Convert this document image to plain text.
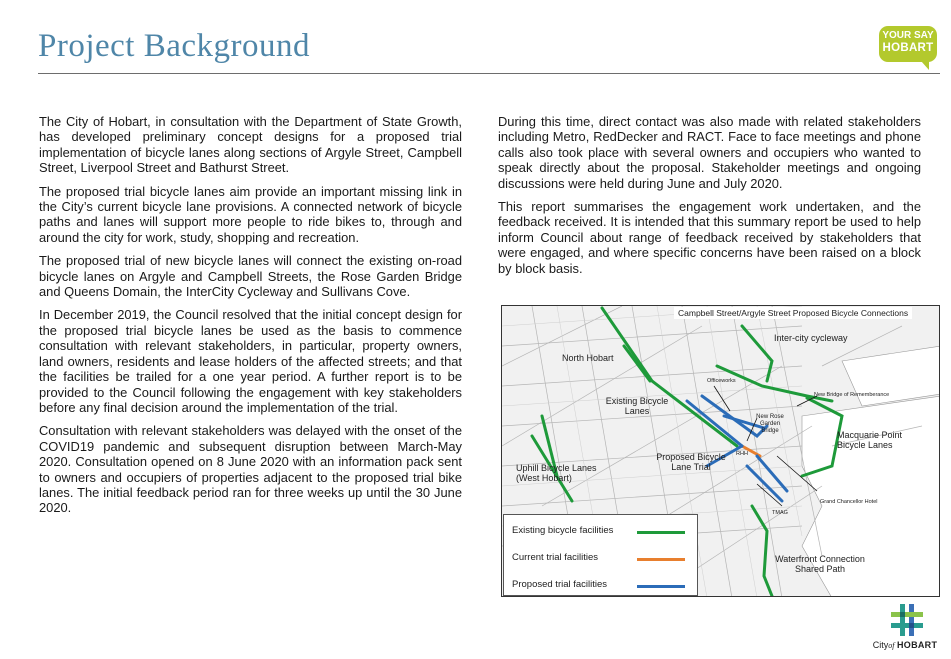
Project Background	YOUR SAY
HOBART

The City of Hobart, in consultation with the Department of State Growth, has developed preliminary concept designs for a proposed trial implementation of bicycle lanes along sections of Argyle Street, Campbell Street, Liverpool Street and Bathurst Street.

The proposed trial bicycle lanes aim provide an important missing link in the City’s current bicycle lane provisions. A connected network of bicycle paths and lanes will support more people to ride bikes to, through and around the city for work, study, shopping and recreation.

The proposed trial of new bicycle lanes will connect the existing on-road bicycle lanes on Argyle and Campbell Streets, the Rose Garden Bridge and Queens Domain, the InterCity Cycleway and Sullivans Cove.

In December 2019, the Council resolved that the initial concept design for the proposed trial bicycle lanes be used as the basis to commence consultation with relevant stakeholders, in particular, property owners, land owners, residents and lease holders of the affected streets; and that the facilities be trailed for a one year period. A further report is to be provided to the Council following the engagement with key stakeholders before any final decision around the implementation of the trial.

Consultation with relevant stakeholders was delayed with the onset of the COVID19 pandemic and subsequent disruption between March-May 2020. Consultation opened on 8 June 2020 with an information pack sent to owners and occupiers of properties adjacent to the proposed trial bike lanes. The initial feedback period ran for three weeks up until the 30 June 2020.

During this time, direct contact was also made with related stakeholders including Metro, RedDecker and RACT. Face to face meetings and phone calls also took place with several owners and occupiers who wanted to speak directly about the proposal. Stakeholder meetings and ongoing discussions were held during June and July 2020.

This report summarises the engagement work undertaken, and the feedback received. It is intended that this summary report be used to help inform Council about range of feedback received by stakeholders that were engaged, and where specific concerns have been raised on a block by block basis.

Campbell Street/Argyle Street Proposed Bicycle Connections
North Hobart
Inter-city cycleway
Existing Bicycle Lanes
Officeworks
New Bridge of Rememberance
New Rose Garden Bridge	Macquarie Point Bicycle Lanes
Proposed Bicycle Lane Trial
RHH
Uphill Bicycle Lanes (West Hobart)
Grand Chancellor Hotel
TMAG
Waterfront Connection Shared Path
Existing bicycle facilities
Current trial facilities
Proposed trial facilities
Cityof HOBART
